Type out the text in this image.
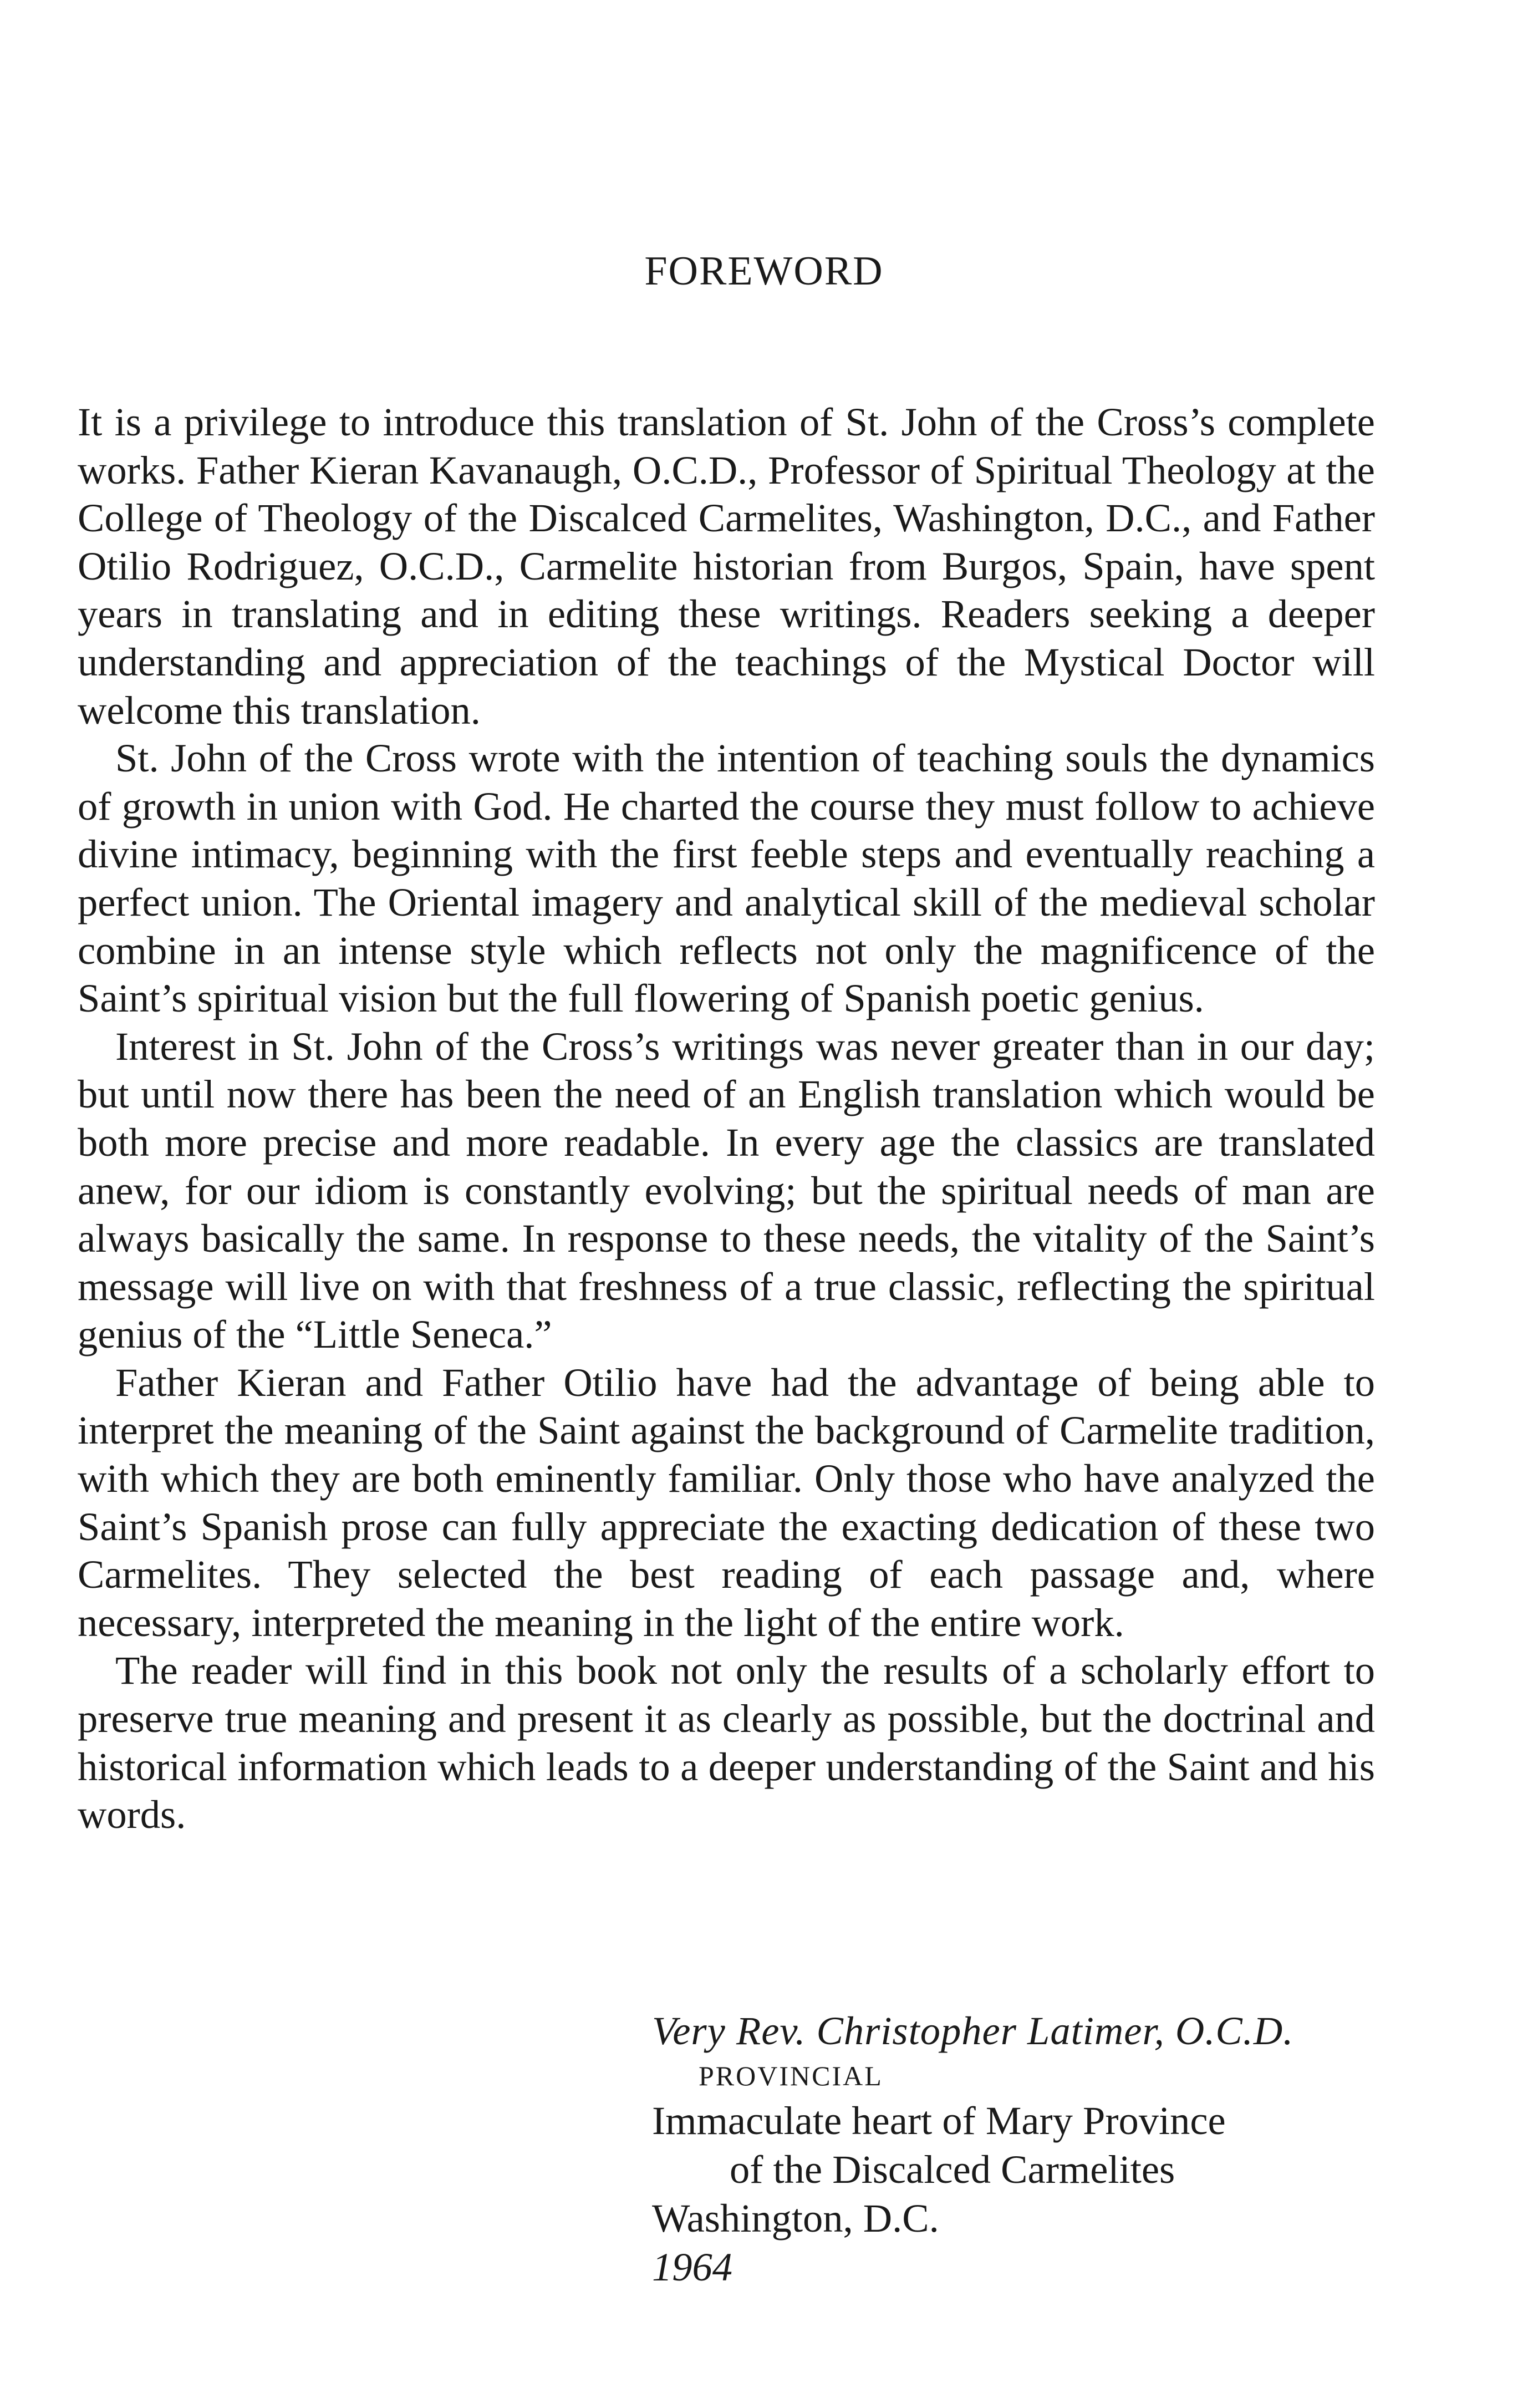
FOREWORD

It is a privilege to introduce this translation of St. John of the Cross’s complete works. Father Kieran Kavanaugh, O.C.D., Professor of Spiritual Theology at the College of Theology of the Discalced Carmelites, Washington, D.C., and Father Otilio Rodriguez, O.C.D., Carmelite historian from Burgos, Spain, have spent years in translating and in editing these writings. Readers seeking a deeper understanding and appreciation of the teachings of the Mystical Doctor will welcome this translation.

St. John of the Cross wrote with the intention of teaching souls the dynamics of growth in union with God. He charted the course they must follow to achieve divine intimacy, beginning with the first feeble steps and eventually reaching a perfect union. The Oriental imagery and analytical skill of the medieval scholar combine in an intense style which reflects not only the magnificence of the Saint’s spiritual vision but the full flowering of Spanish poetic genius.

Interest in St. John of the Cross’s writings was never greater than in our day; but until now there has been the need of an English translation which would be both more precise and more readable. In every age the classics are translated anew, for our idiom is constantly evolving; but the spiritual needs of man are always basically the same. In response to these needs, the vitality of the Saint’s message will live on with that freshness of a true classic, reflecting the spiritual genius of the “Little Seneca.”

Father Kieran and Father Otilio have had the advantage of being able to interpret the meaning of the Saint against the background of Carmelite tradition, with which they are both eminently familiar. Only those who have analyzed the Saint’s Spanish prose can fully appreciate the exacting dedication of these two Carmelites. They selected the best reading of each passage and, where necessary, interpreted the meaning in the light of the entire work.

The reader will find in this book not only the results of a scholarly effort to preserve true meaning and present it as clearly as possible, but the doctrinal and historical information which leads to a deeper understanding of the Saint and his words.

Very Rev. Christopher Latimer, O.C.D.
PROVINCIAL
Immaculate heart of Mary Province
of the Discalced Carmelites
Washington, D.C.
1964
